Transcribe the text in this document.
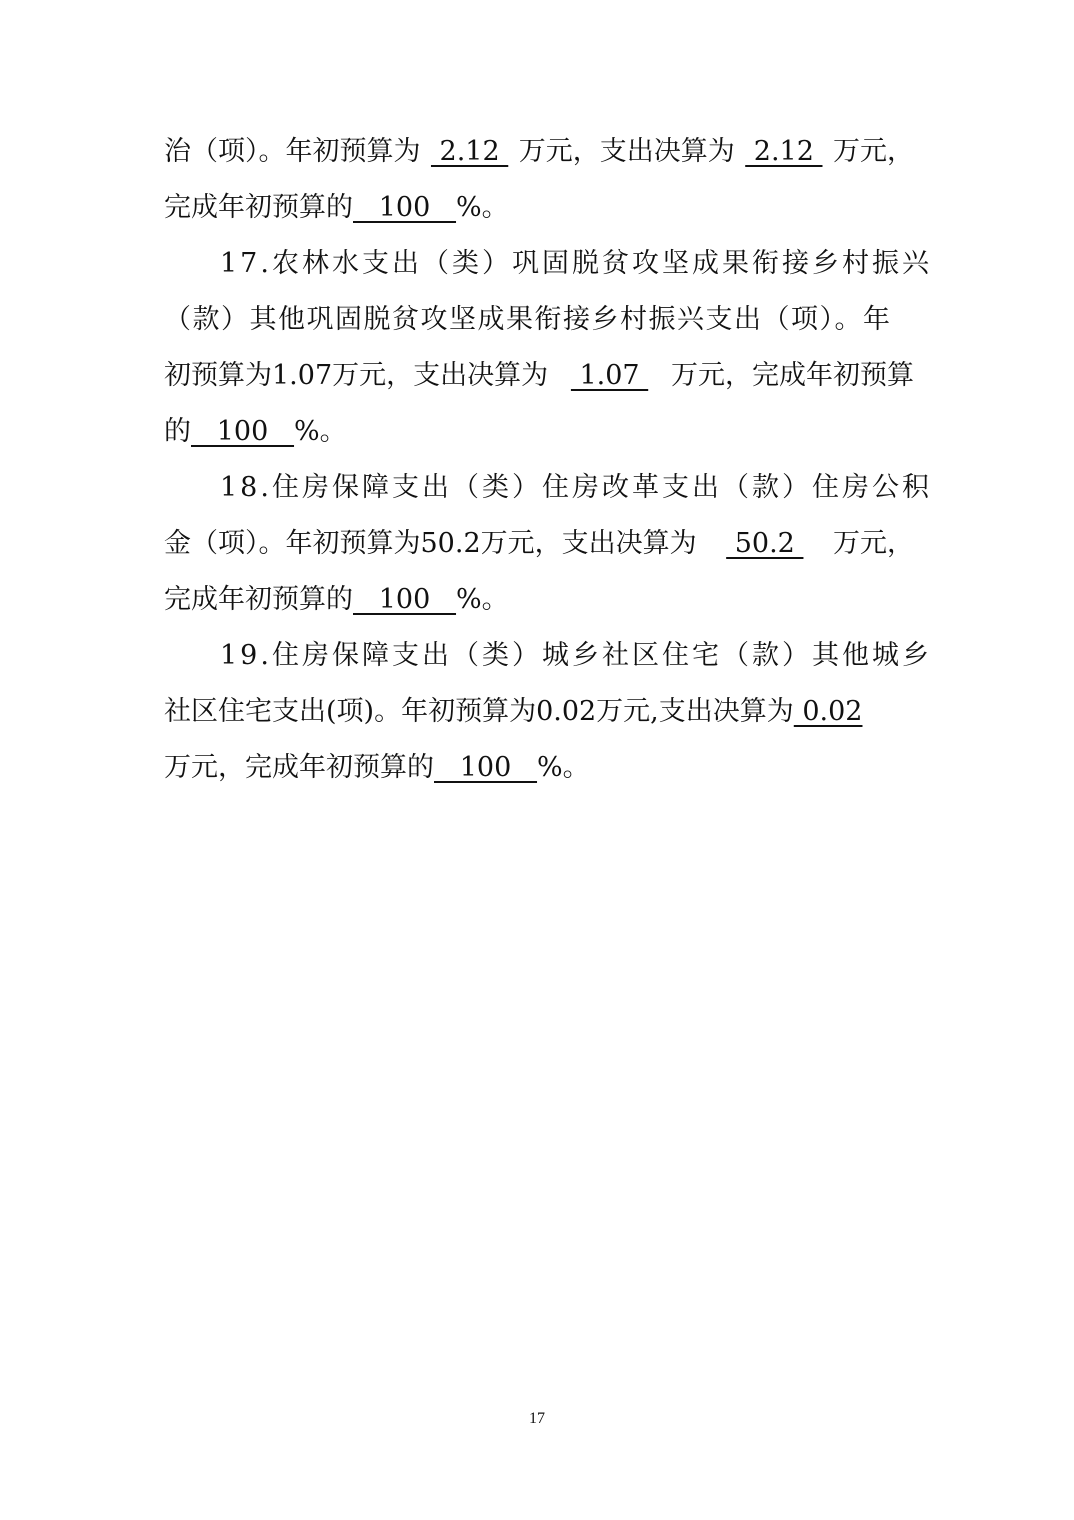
治（项）。年初预算为 2.12 万元，支出决算为 2.12 万元，
完成年初预算的 100 %。
17.农林水支出（类）巩固脱贫攻坚成果衔接乡村振兴
（款）其他巩固脱贫攻坚成果衔接乡村振兴支出（项）。年
初预算为1.07万元，支出决算为 1.07 万元，完成年初预算
的 100 %。
18.住房保障支出（类）住房改革支出（款）住房公积
金（项）。年初预算为50.2万元，支出决算为 50.2 万元，
完成年初预算的 100 %。
19.住房保障支出（类）城乡社区住宅（款）其他城乡
社区住宅支出(项)。年初预算为0.02万元,支出决算为 0.02
万元，完成年初预算的 100 %。
17
